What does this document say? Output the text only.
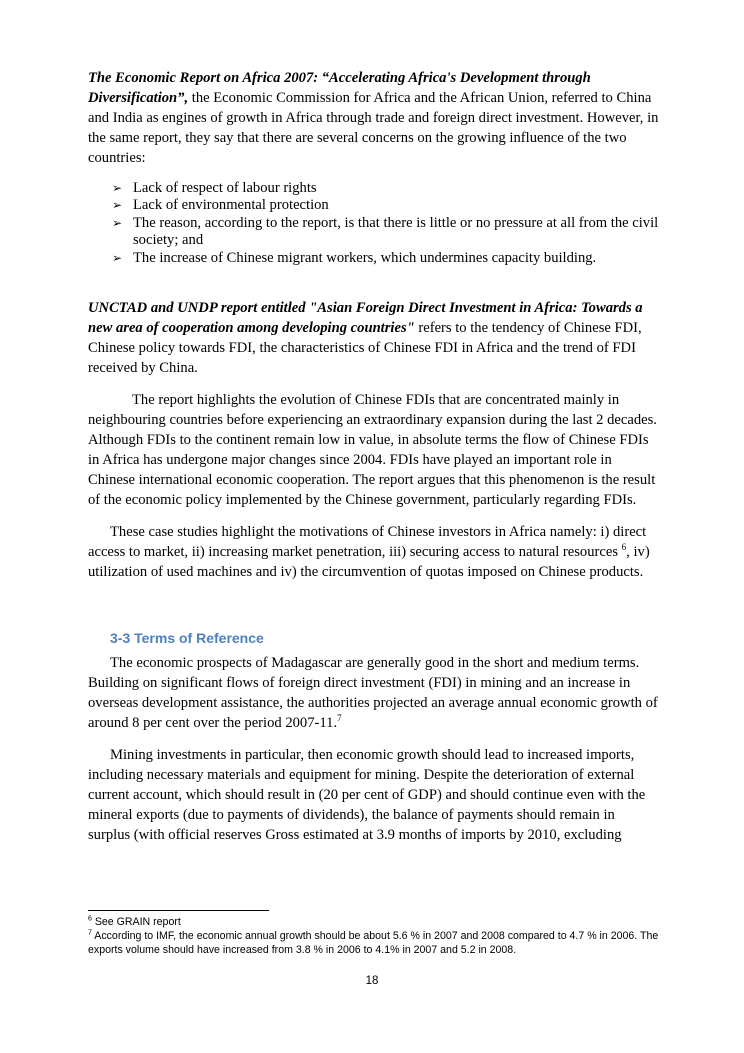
The Economic Report on Africa 2007: “Accelerating Africa's Development through Diversification”, the Economic Commission for Africa and the African Union, referred to China and India as engines of growth in Africa through trade and foreign direct investment. However, in the same report, they say that there are several concerns on the growing influence of the two countries:

➢ Lack of respect of labour rights
➢ Lack of environmental protection
➢ The reason, according to the report, is that there is little or no pressure at all from the civil society; and
➢ The increase of Chinese migrant workers, which undermines capacity building.

UNCTAD and UNDP report entitled "Asian Foreign Direct Investment in Africa: Towards a new area of cooperation among developing countries" refers to the tendency of Chinese FDI, Chinese policy towards FDI, the characteristics of Chinese FDI in Africa and the trend of FDI received by China.

The report highlights the evolution of Chinese FDIs that are concentrated mainly in neighbouring countries before experiencing an extraordinary expansion during the last 2 decades. Although FDIs to the continent remain low in value, in absolute terms the flow of Chinese FDIs in Africa has undergone major changes since 2004. FDIs have played an important role in Chinese international economic cooperation. The report argues that this phenomenon is the result of the economic policy implemented by the Chinese government, particularly regarding FDIs.

These case studies highlight the motivations of Chinese investors in Africa namely: i) direct access to market, ii) increasing market penetration, iii) securing access to natural resources $^6$, iv) utilization of used machines and iv) the circumvention of quotas imposed on Chinese products.

3-3 Terms of Reference

The economic prospects of Madagascar are generally good in the short and medium terms. Building on significant flows of foreign direct investment (FDI) in mining and an increase in overseas development assistance, the authorities projected an average annual economic growth of around 8 per cent over the period 2007-11.$^7$

Mining investments in particular, then economic growth should lead to increased imports, including necessary materials and equipment for mining. Despite the deterioration of external current account, which should result in (20 per cent of GDP) and should continue even with the mineral exports (due to payments of dividends), the balance of payments should remain in surplus (with official reserves Gross estimated at 3.9 months of imports by 2010, excluding

$^6$ See GRAIN report

$^7$ According to IMF, the economic annual growth should be about 5.6 % in 2007 and 2008 compared to 4.7 % in 2006. The exports volume should have increased from 3.8 % in 2006 to 4.1% in 2007 and 5.2 in 2008.

18
